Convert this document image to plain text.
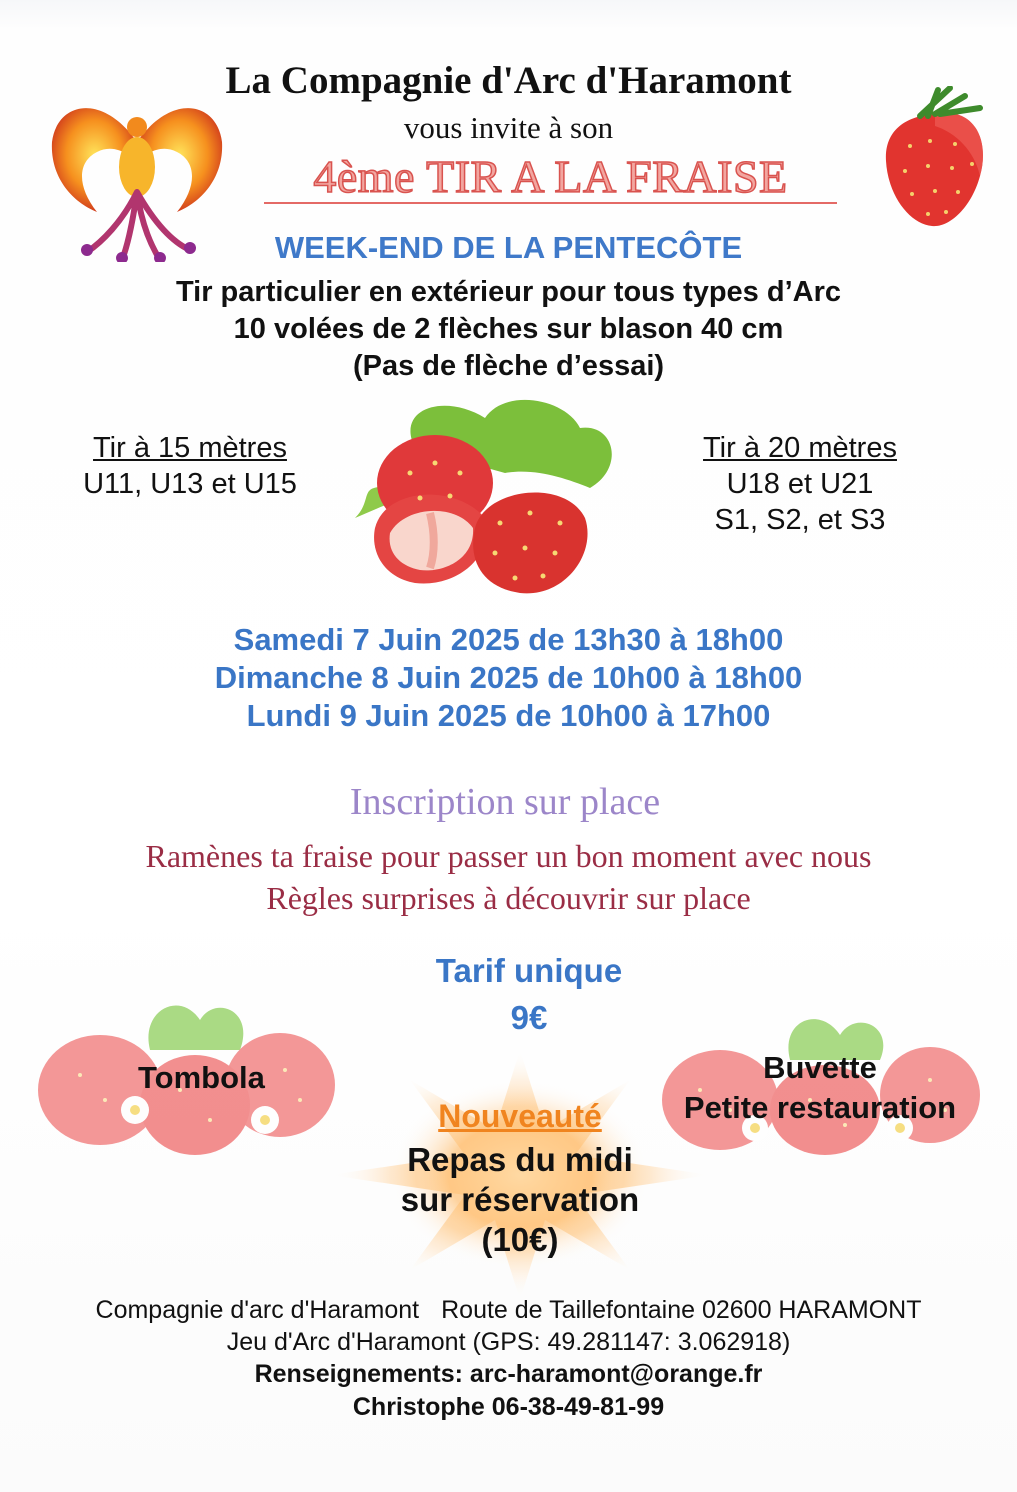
La Compagnie d'Arc d'Haramont
vous invite à son
4ème TIR A LA FRAISE
WEEK-END DE LA PENTECÔTE
Tir particulier en extérieur pour tous types d’Arc
10 volées de 2 flèches sur blason 40 cm
(Pas de flèche d’essai)
Tir à 15 mètres
U11, U13 et U15
Tir à 20 mètres
U18 et U21
S1, S2, et S3
Samedi 7 Juin 2025 de 13h30 à 18h00
Dimanche 8 Juin 2025 de 10h00 à 18h00
Lundi 9 Juin 2025 de 10h00 à 17h00
Inscription sur place
Ramènes ta fraise pour passer un bon moment avec nous
Règles surprises à découvrir sur place
Tarif unique
9€
Tombola	Buvette
Petite restauration
Nouveauté
Repas du midi
sur réservation
(10€)
Compagnie d'arc d'Haramont Route de Taillefontaine 02600 HARAMONT
Jeu d'Arc d'Haramont (GPS: 49.281147: 3.062918)
Renseignements: arc-haramont@orange.fr
Christophe 06-38-49-81-99
